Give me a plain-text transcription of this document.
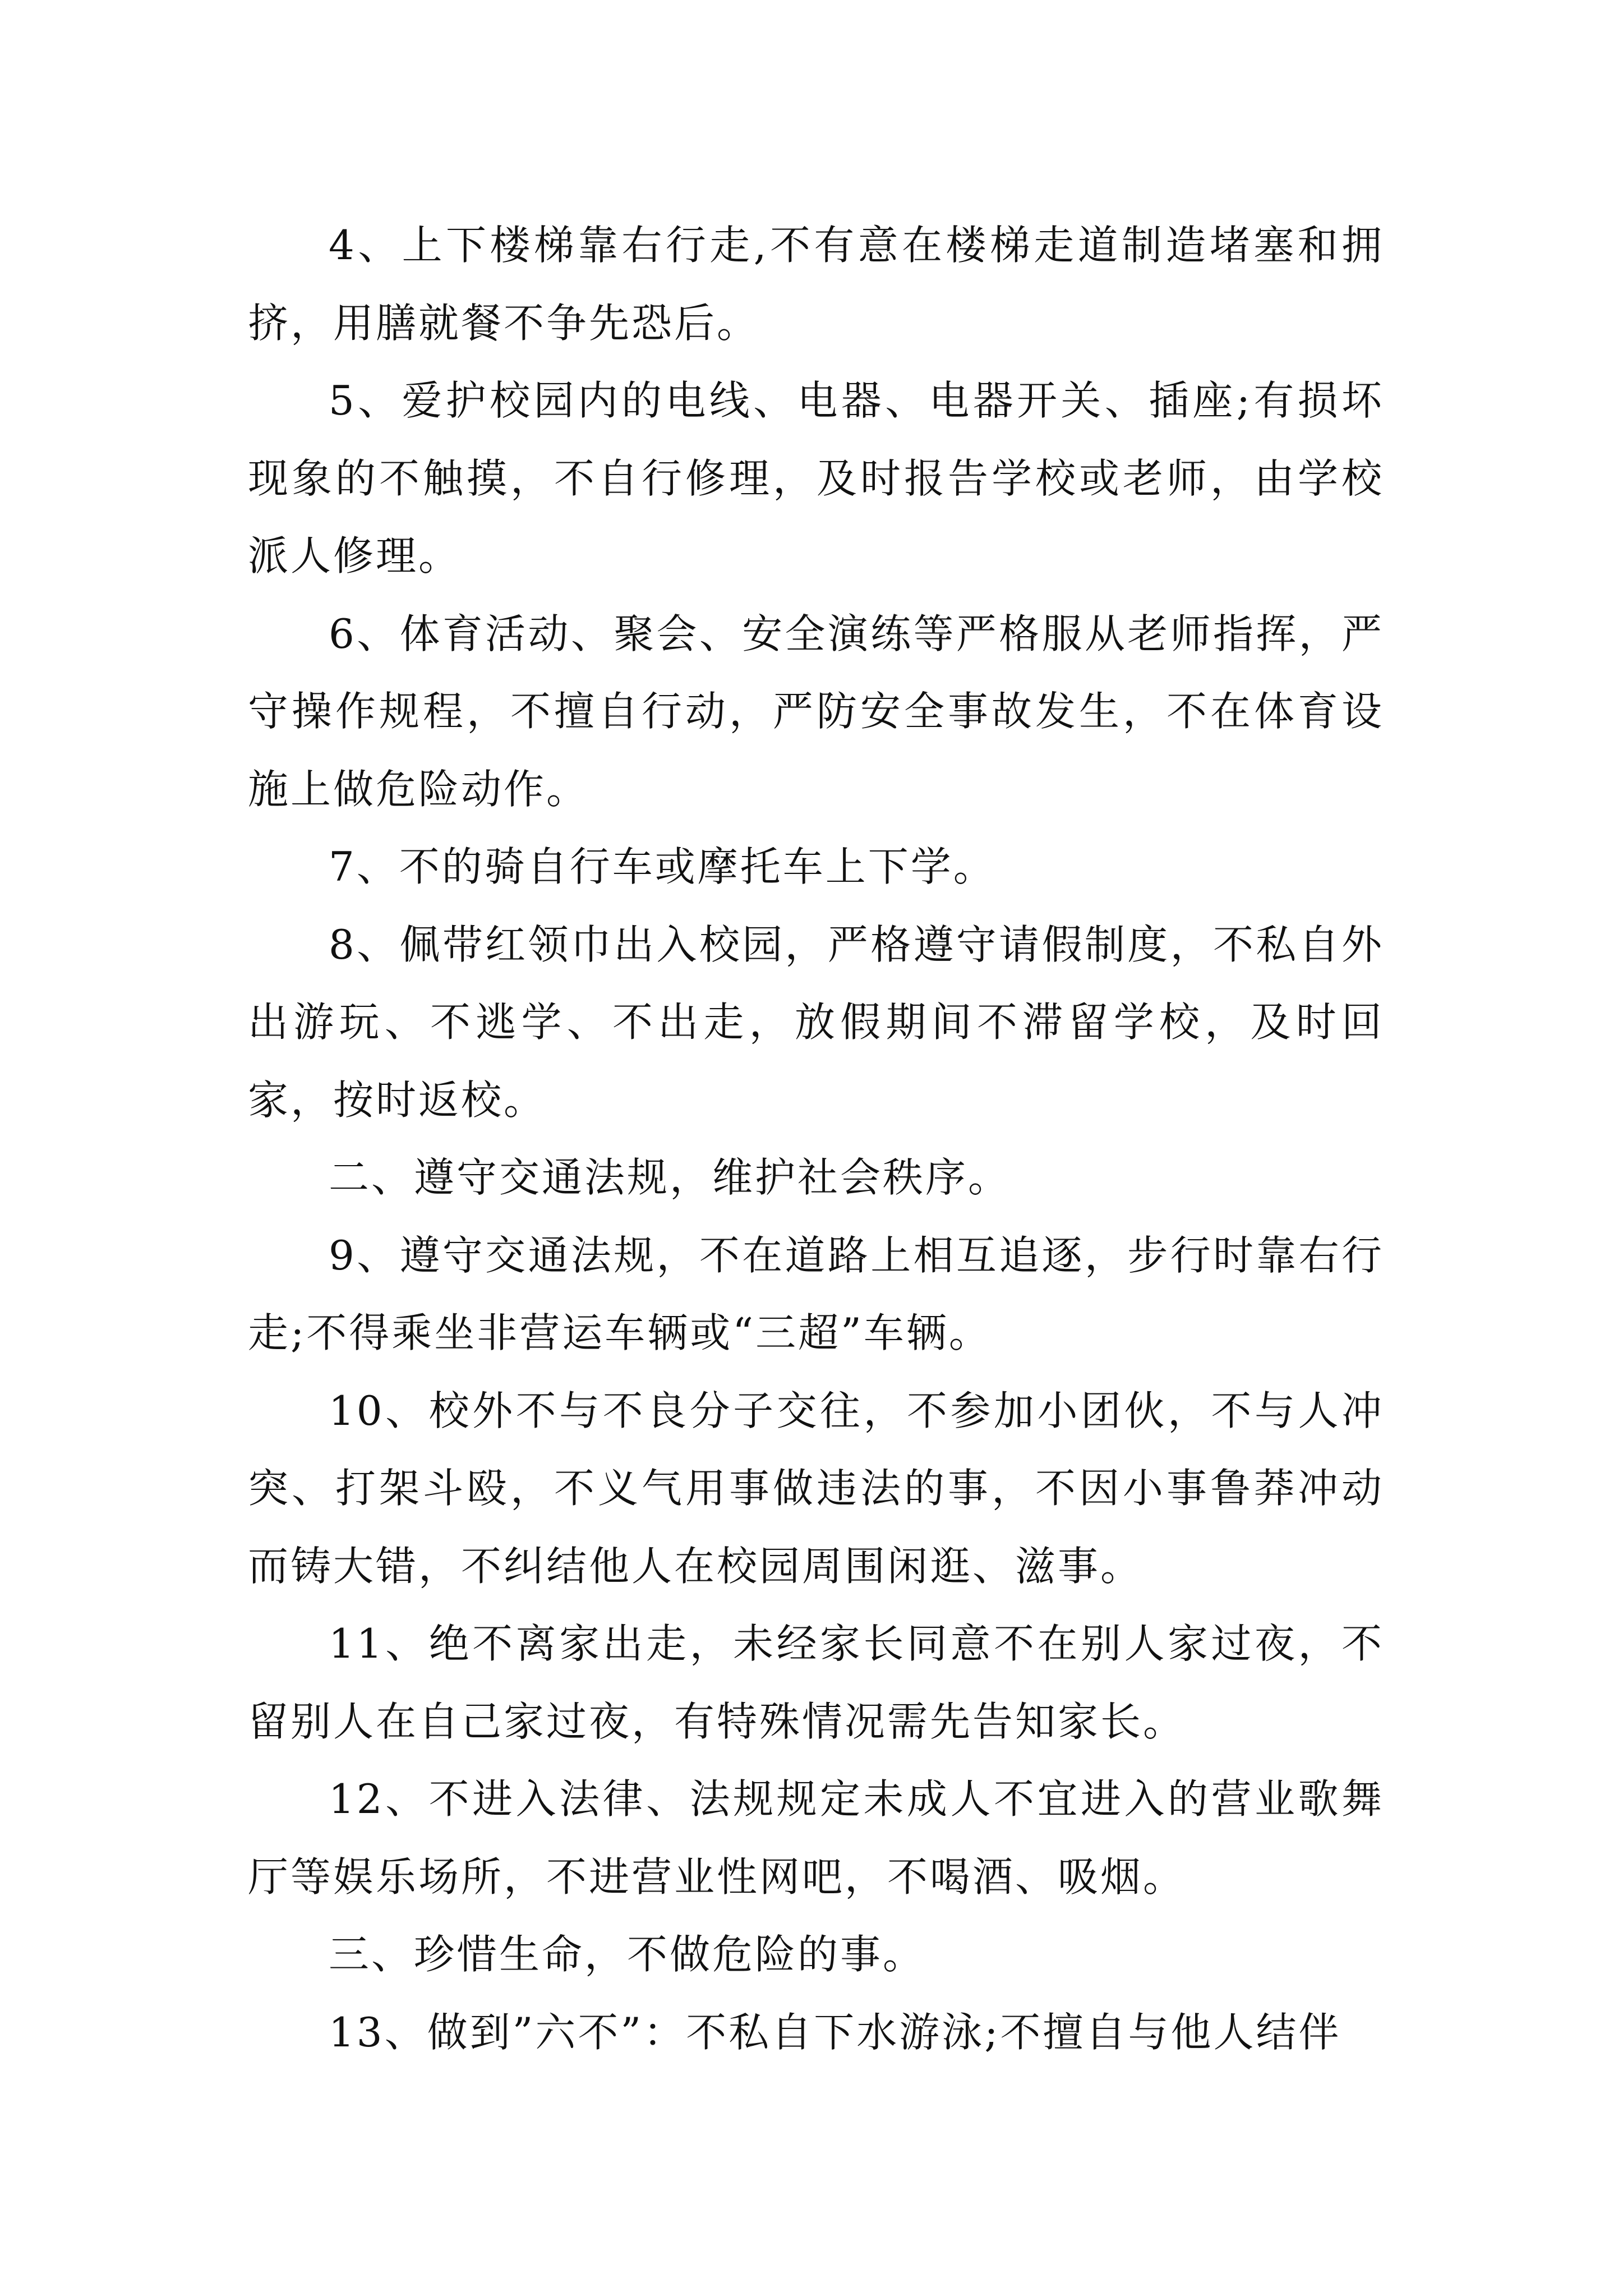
4、上下楼梯靠右行走,不有意在楼梯走道制造堵塞和拥挤，用膳就餐不争先恐后。

5、爱护校园内的电线、电器、电器开关、插座;有损坏现象的不触摸，不自行修理，及时报告学校或老师，由学校派人修理。

6、体育活动、聚会、安全演练等严格服从老师指挥，严守操作规程，不擅自行动，严防安全事故发生，不在体育设施上做危险动作。

7、不的骑自行车或摩托车上下学。

8、佩带红领巾出入校园，严格遵守请假制度，不私自外出游玩、不逃学、不出走，放假期间不滞留学校，及时回家，按时返校。

二、遵守交通法规，维护社会秩序。

9、遵守交通法规，不在道路上相互追逐，步行时靠右行走;不得乘坐非营运车辆或“三超”车辆。

10、校外不与不良分子交往，不参加小团伙，不与人冲突、打架斗殴，不义气用事做违法的事，不因小事鲁莽冲动而铸大错，不纠结他人在校园周围闲逛、滋事。

11、绝不离家出走，未经家长同意不在别人家过夜，不留别人在自己家过夜，有特殊情况需先告知家长。

12、不进入法律、法规规定未成人不宜进入的营业歌舞厅等娱乐场所，不进营业性网吧，不喝酒、吸烟。

三、珍惜生命，不做危险的事。

13、做到”六不”：不私自下水游泳;不擅自与他人结伴
